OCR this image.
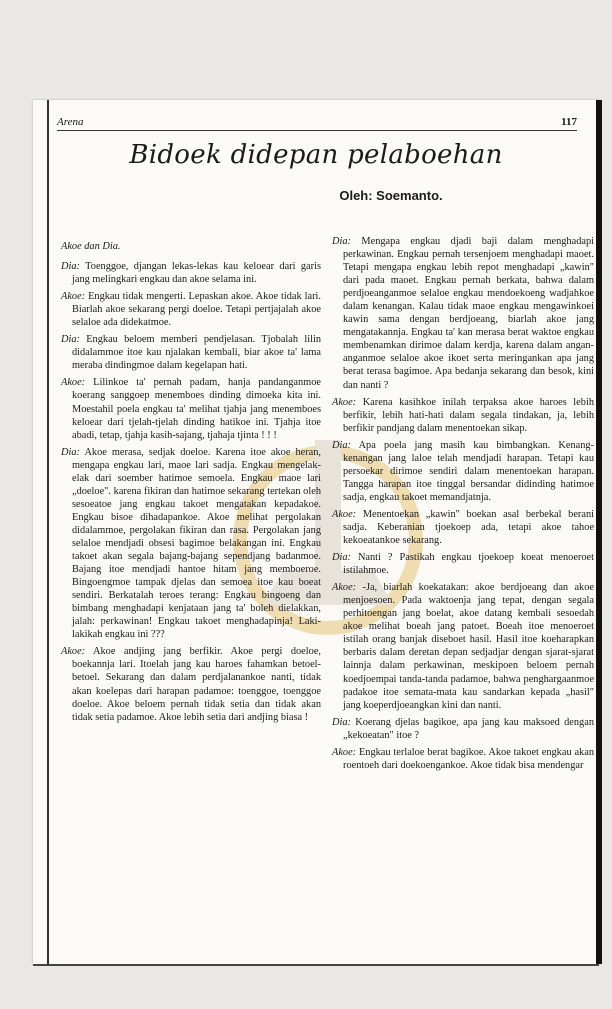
Arena	117
Bidoek didepan pelaboehan
Oleh: Soemanto.

Akoe dan Dia.

Dia: Toenggoe, djangan lekas-lekas kau keloear dari garis jang melingkari engkau dan akoe selama ini.

Akoe: Engkau tidak mengerti. Lepaskan akoe. Akoe tidak lari. Biarlah akoe sekarang pergi doeloe. Tetapi pertjajalah akoe selaloe ada didekatmoe.

Dia: Engkau beloem memberi pendjelasan. Tjobalah lilin didalammoe itoe kau njalakan kembali, biar akoe ta' lama meraba dindingmoe dalam kegelapan hati.

Akoe: Lilinkoe ta' pernah padam, hanja pandanganmoe koerang sanggoep menemboes dinding dimoeka kita ini. Moestahil poela engkau ta' melihat tjahja jang menemboes keloear dari tjelah-tjelah dinding hatikoe ini. Tjahja itoe abadi, tetap, tjahja kasih-sajang, tjahaja tjinta ! ! !

Dia: Akoe merasa, sedjak doeloe. Karena itoe akoe heran, mengapa engkau lari, maoe lari sadja. Engkau mengelak-elak dari soember hatimoe semoela. Engkau maoe lari „doeloe". karena fikiran dan hatimoe sekarang tertekan oleh sesoeatoe jang engkau takoet mengatakan kepadakoe. Engkau bisoe dihadapankoe. Akoe melihat pergolakan didalammoe, pergolakan fikiran dan rasa. Pergolakan jang selaloe mendjadi obsesi bagimoe belakangan ini. Engkau takoet akan segala bajang-bajang sependjang badanmoe. Bajang itoe mendjadi hantoe hitam jang memboeroe. Bingoengmoe tampak djelas dan semoea itoe kau boeat sendiri. Berkatalah teroes terang: Engkau bingoeng dan bimbang menghadapi kenjataan jang ta' boleh dielakkan, jalah: perkawinan! Engkau takoet menghadapinja! Laki-lakikah engkau ini ???

Akoe: Akoe andjing jang berfikir. Akoe pergi doeloe, boekannja lari. Itoelah jang kau haroes fahamkan betoel-betoel. Sekarang dan dalam perdjalanankoe nanti, tidak akan koelepas dari harapan padamoe: toenggoe, toenggoe doeloe. Akoe beloem pernah tidak setia dan tidak akan tidak setia padamoe. Akoe lebih setia dari andjing biasa !

Dia: Mengapa engkau djadi baji dalam menghadapi perkawinan. Engkau pernah tersenjoem menghadapi maoet. Tetapi mengapa engkau lebih repot menghadapi „kawin" dari pada maoet. Engkau pernah berkata, bahwa dalam perdjoeanganmoe selaloe engkau mendoekoeng wadjahkoe dalam kenangan. Kalau tidak maoe engkau mengawinkoei kawin sama dengan berdjoeang, biarlah akoe jang mengatakannja. Engkau ta' kan merasa berat waktoe engkau membenamkan dirimoe dalam kerdja, karena dalam angan-anganmoe selaloe akoe ikoet serta meringankan apa jang berat terasa bagimoe. Apa bedanja sekarang dan besok, kini dan nanti ?

Akoe: Karena kasihkoe inilah terpaksa akoe haroes lebih berfikir, lebih hati-hati dalam segala tindakan, ja, lebih berfikir pandjang dalam menentoekan sikap.

Dia: Apa poela jang masih kau bimbangkan. Kenang-kenangan jang laloe telah mendjadi harapan. Tetapi kau persoekar dirimoe sendiri dalam menentoekan harapan. Tangga harapan itoe tinggal bersandar didinding hatimoe sadja, engkau takoet memandjatnja.

Akoe: Menentoekan „kawin" boekan asal berbekal berani sadja. Keberanian tjoekoep ada, tetapi akoe tahoe kekoeatankoe sekarang.

Dia: Nanti ? Pastikah engkau tjoekoep koeat menoeroet istilahmoe.

Akoe: -Ja, biarlah koekatakan: akoe berdjoeang dan akoe menjoesoen. Pada waktoenja jang tepat, dengan segala perhitoengan jang boelat, akoe datang kembali sesoedah akoe melihat boeah jang patoet. Boeah itoe menoeroet istilah orang banjak diseboet hasil. Hasil itoe koeharapkan berbaris dalam deretan depan sedjadjar dengan sjarat-sjarat lainnja dalam perkawinan, meskipoen beloem pernah koedjoempai tanda-tanda padamoe, bahwa penghargaanmoe padakoe itoe semata-mata kau sandarkan kepada „hasil" jang koeperdjoeangkan kini dan nanti.

Dia: Koerang djelas bagikoe, apa jang kau maksoed dengan „kekoeatan" itoe ?

Akoe: Engkau terlaloe berat bagikoe. Akoe takoet engkau akan roentoeh dari doekoengankoe. Akoe tidak bisa mendengar
